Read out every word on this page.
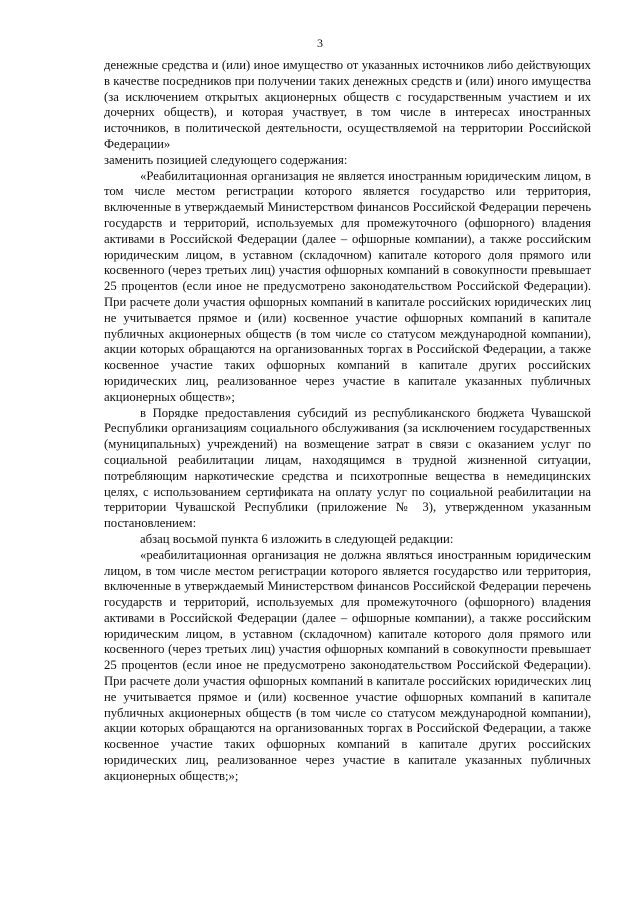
3

денежные средства и (или) иное имущество от указанных источников либо действующих в качестве посредников при получении таких денежных средств и (или) иного имущества (за исключением открытых акционерных обществ с государственным участием и их дочерних обществ), и которая участвует, в том числе в интересах иностранных источников, в политической деятельности, осуществляемой на территории Российской Федерации»

заменить позицией следующего содержания:

«Реабилитационная организация не является иностранным юридическим лицом, в том числе местом регистрации которого является государство или территория, включенные в утверждаемый Министерством финансов Российской Федерации перечень государств и территорий, используемых для промежуточного (офшорного) владения активами в Российской Федерации (далее – офшорные компании), а также российским юридическим лицом, в уставном (складочном) капитале которого доля прямого или косвенного (через третьих лиц) участия офшорных компаний в совокупности превышает 25 процентов (если иное не предусмотрено законодательством Российской Федерации). При расчете доли участия офшорных компаний в капитале российских юридических лиц не учитывается прямое и (или) косвенное участие офшорных компаний в капитале публичных акционерных обществ (в том числе со статусом международной компании), акции которых обращаются на организованных торгах в Российской Федерации, а также косвенное участие таких офшорных компаний в капитале других российских юридических лиц, реализованное через участие в капитале указанных публичных акционерных обществ»;

в Порядке предоставления субсидий из республиканского бюджета Чувашской Республики организациям социального обслуживания (за исключением государственных (муниципальных) учреждений) на возмещение затрат в связи с оказанием услуг по социальной реабилитации лицам, находящимся в трудной жизненной ситуации, потребляющим наркотические средства и психотропные вещества в немедицинских целях, с использованием сертификата на оплату услуг по социальной реабилитации на территории Чувашской Республики (приложение № 3), утвержденном указанным постановлением:

абзац восьмой пункта 6 изложить в следующей редакции:

«реабилитационная организация не должна являться иностранным юридическим лицом, в том числе местом регистрации которого является государство или территория, включенные в утверждаемый Министерством финансов Российской Федерации перечень государств и территорий, используемых для промежуточного (офшорного) владения активами в Российской Федерации (далее – офшорные компании), а также российским юридическим лицом, в уставном (складочном) капитале которого доля прямого или косвенного (через третьих лиц) участия офшорных компаний в совокупности превышает 25 процентов (если иное не предусмотрено законодательством Российской Федерации). При расчете доли участия офшорных компаний в капитале российских юридических лиц не учитывается прямое и (или) косвенное участие офшорных компаний в капитале публичных акционерных обществ (в том числе со статусом международной компании), акции которых обращаются на организованных торгах в Российской Федерации, а также косвенное участие таких офшорных компаний в капитале других российских юридических лиц, реализованное через участие в капитале указанных публичных акционерных обществ;»;
